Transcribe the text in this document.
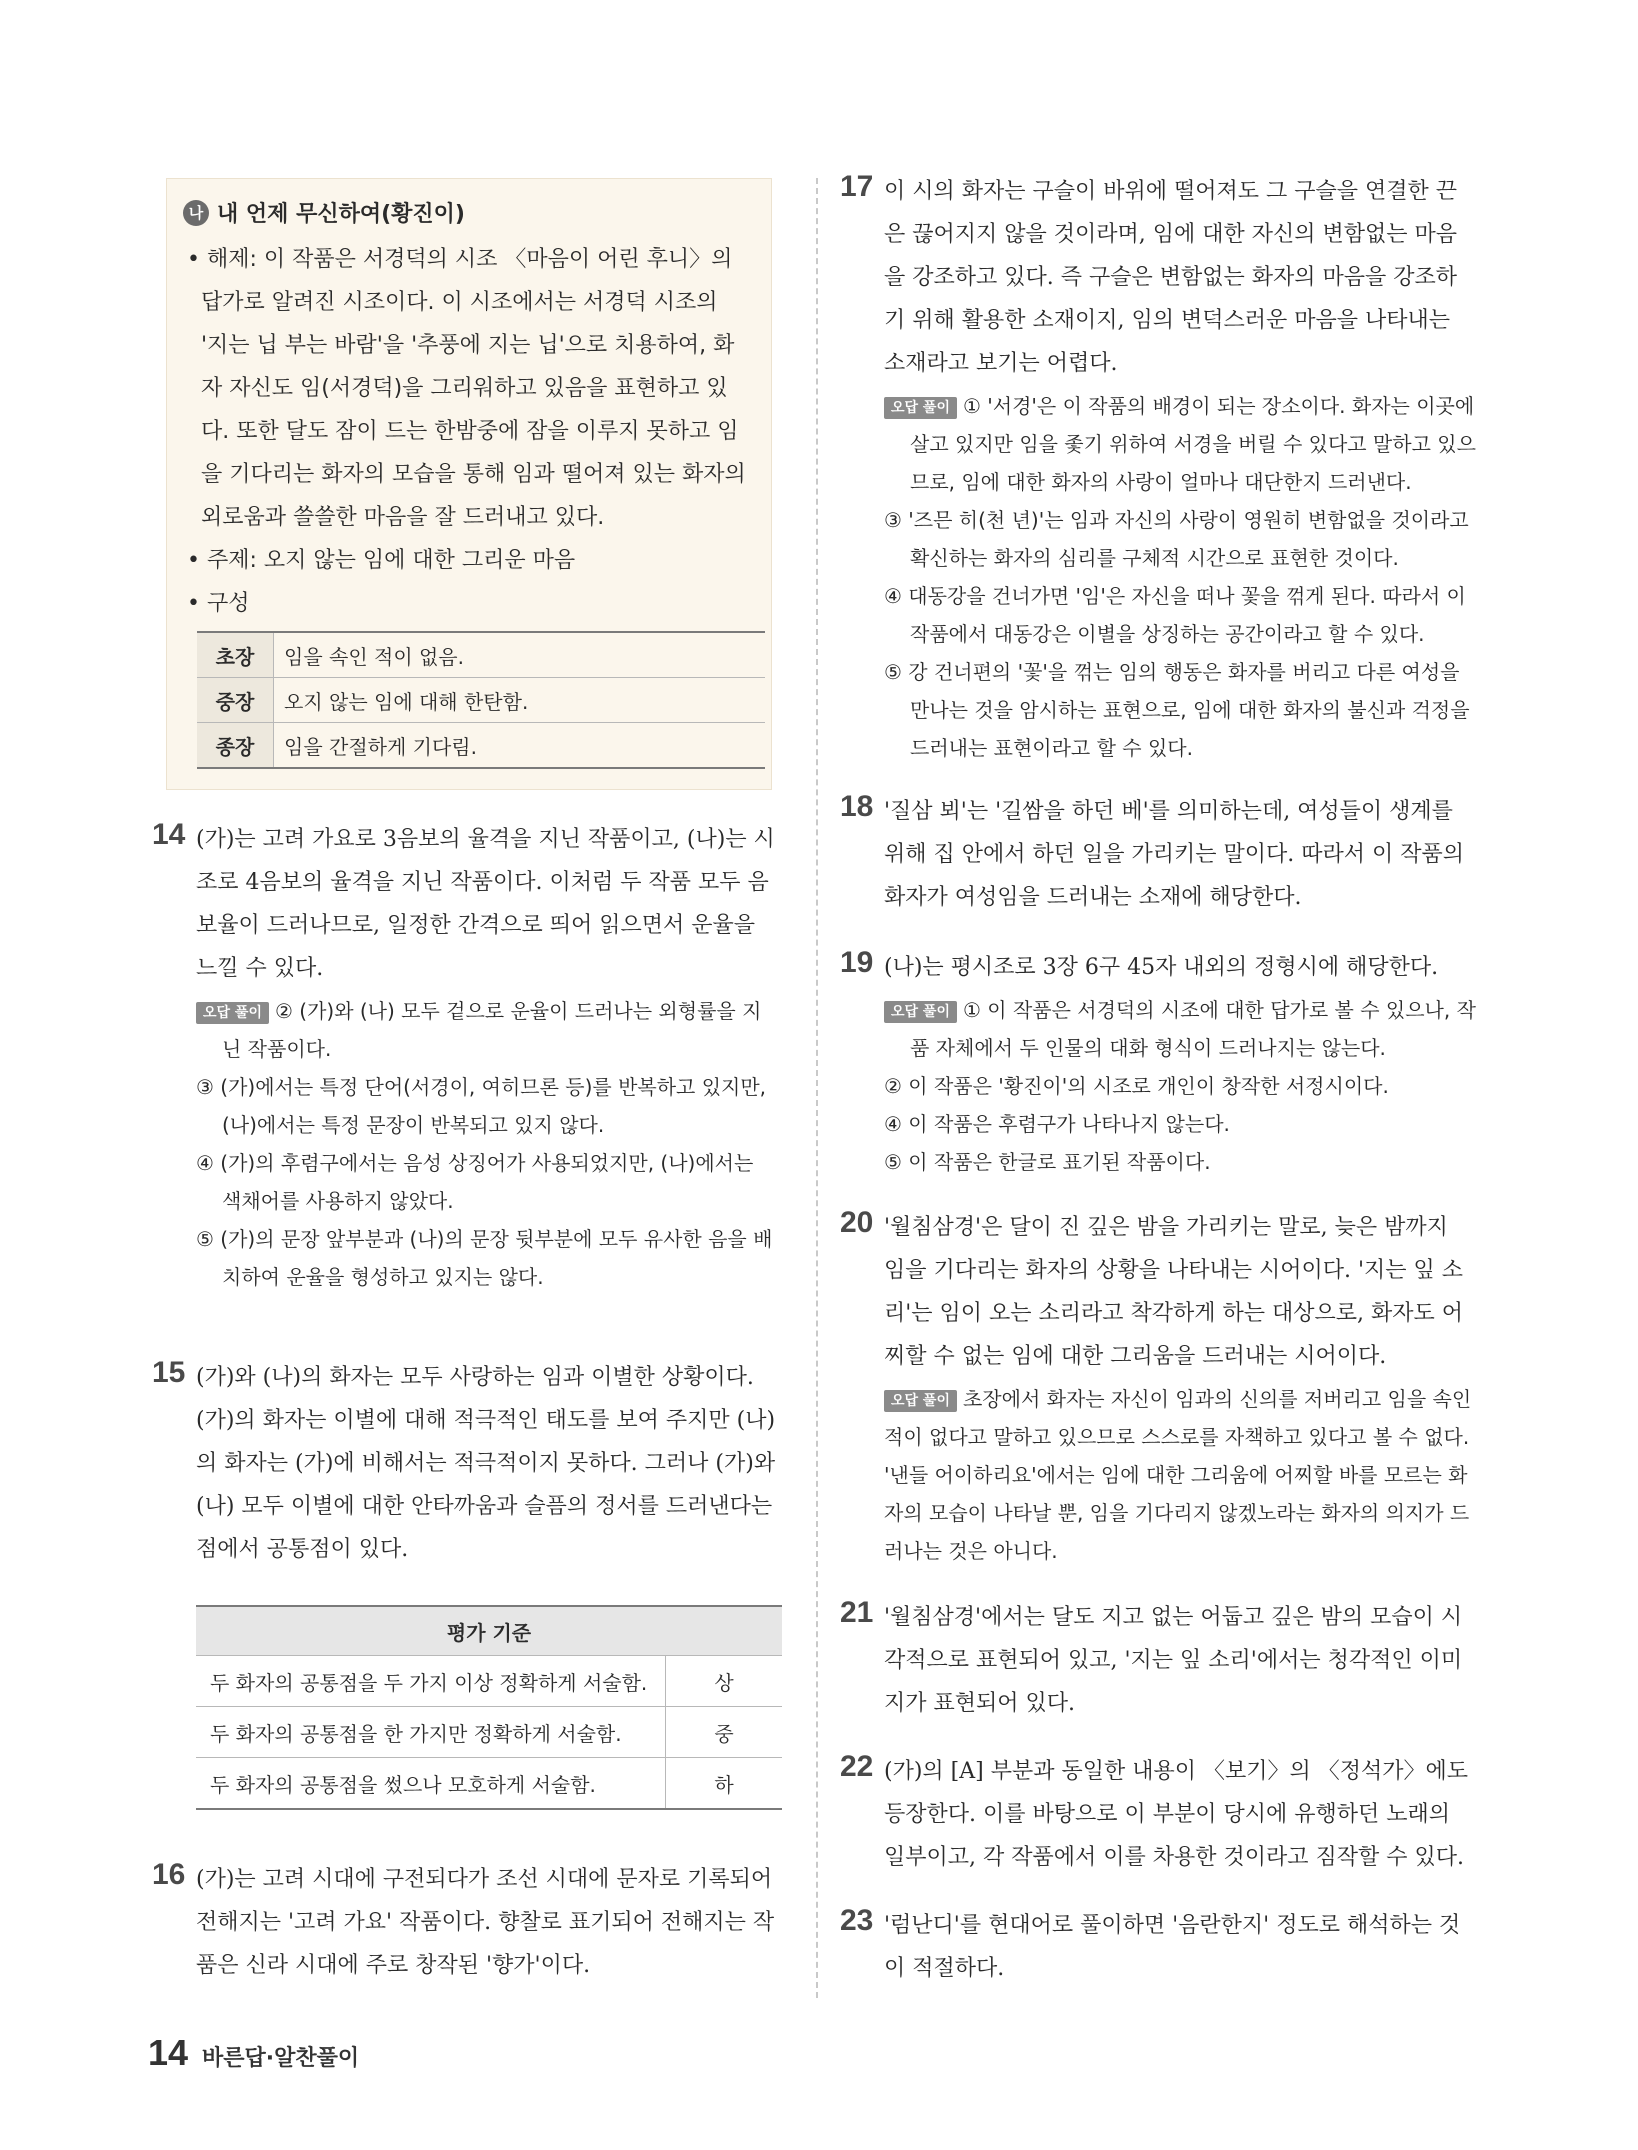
나 내 언제 무신하여(황진이)
• 해제: 이 작품은 서경덕의 시조 〈마음이 어린 후니〉의 답가로 알려진 시조이다. 이 시조에서는 서경덕 시조의 '지는 닙 부는 바람'을 '추풍에 지는 닙'으로 치용하여, 화자 자신도 임(서경덕)을 그리워하고 있음을 표현하고 있다. 또한 달도 잠이 드는 한밤중에 잠을 이루지 못하고 임을 기다리는 화자의 모습을 통해 임과 떨어져 있는 화자의 외로움과 쓸쓸한 마음을 잘 드러내고 있다.
• 주제: 오지 않는 임에 대한 그리운 마음
• 구성
초장	임을 속인 적이 없음.
중장	오지 않는 임에 대해 한탄함.
종장	임을 간절하게 기다림.
14 (가)는 고려 가요로 3음보의 율격을 지닌 작품이고, (나)는 시조로 4음보의 율격을 지닌 작품이다. 이처럼 두 작품 모두 음보율이 드러나므로, 일정한 간격으로 띄어 읽으면서 운율을 느낄 수 있다.
오답 풀이 ② (가)와 (나) 모두 겉으로 운율이 드러나는 외형률을 지닌 작품이다.
③ (가)에서는 특정 단어(서경이, 여히므론 등)를 반복하고 있지만, (나)에서는 특정 문장이 반복되고 있지 않다.
④ (가)의 후렴구에서는 음성 상징어가 사용되었지만, (나)에서는 색채어를 사용하지 않았다.
⑤ (가)의 문장 앞부분과 (나)의 문장 뒷부분에 모두 유사한 음을 배치하여 운율을 형성하고 있지는 않다.
15 (가)와 (나)의 화자는 모두 사랑하는 임과 이별한 상황이다. (가)의 화자는 이별에 대해 적극적인 태도를 보여 주지만 (나)의 화자는 (가)에 비해서는 적극적이지 못하다. 그러나 (가)와 (나) 모두 이별에 대한 안타까움과 슬픔의 정서를 드러낸다는 점에서 공통점이 있다.
평가 기준	
두 화자의 공통점을 두 가지 이상 정확하게 서술함.	상
두 화자의 공통점을 한 가지만 정확하게 서술함.	중
두 화자의 공통점을 썼으나 모호하게 서술함.	하
16 (가)는 고려 시대에 구전되다가 조선 시대에 문자로 기록되어 전해지는 '고려 가요' 작품이다. 향찰로 표기되어 전해지는 작품은 신라 시대에 주로 창작된 '향가'이다.
17 이 시의 화자는 구슬이 바위에 떨어져도 그 구슬을 연결한 끈은 끊어지지 않을 것이라며, 임에 대한 자신의 변함없는 마음을 강조하고 있다. 즉 구슬은 변함없는 화자의 마음을 강조하기 위해 활용한 소재이지, 임의 변덕스러운 마음을 나타내는 소재라고 보기는 어렵다.
오답 풀이 ① '서경'은 이 작품의 배경이 되는 장소이다. 화자는 이곳에 살고 있지만 임을 좇기 위하여 서경을 버릴 수 있다고 말하고 있으므로, 임에 대한 화자의 사랑이 얼마나 대단한지 드러낸다.
③ '즈믄 히(천 년)'는 임과 자신의 사랑이 영원히 변함없을 것이라고 확신하는 화자의 심리를 구체적 시간으로 표현한 것이다.
④ 대동강을 건너가면 '임'은 자신을 떠나 꽃을 꺾게 된다. 따라서 이 작품에서 대동강은 이별을 상징하는 공간이라고 할 수 있다.
⑤ 강 건너편의 '꽃'을 꺾는 임의 행동은 화자를 버리고 다른 여성을 만나는 것을 암시하는 표현으로, 임에 대한 화자의 불신과 걱정을 드러내는 표현이라고 할 수 있다.
18 '질삼 뵈'는 '길쌈을 하던 베'를 의미하는데, 여성들이 생계를 위해 집 안에서 하던 일을 가리키는 말이다. 따라서 이 작품의 화자가 여성임을 드러내는 소재에 해당한다.
19 (나)는 평시조로 3장 6구 45자 내외의 정형시에 해당한다.
오답 풀이 ① 이 작품은 서경덕의 시조에 대한 답가로 볼 수 있으나, 작품 자체에서 두 인물의 대화 형식이 드러나지는 않는다.
② 이 작품은 '황진이'의 시조로 개인이 창작한 서정시이다.
④ 이 작품은 후렴구가 나타나지 않는다.
⑤ 이 작품은 한글로 표기된 작품이다.
20 '월침삼경'은 달이 진 깊은 밤을 가리키는 말로, 늦은 밤까지 임을 기다리는 화자의 상황을 나타내는 시어이다. '지는 잎 소리'는 임이 오는 소리라고 착각하게 하는 대상으로, 화자도 어찌할 수 없는 임에 대한 그리움을 드러내는 시어이다.
오답 풀이 초장에서 화자는 자신이 임과의 신의를 저버리고 임을 속인 적이 없다고 말하고 있으므로 스스로를 자책하고 있다고 볼 수 없다. '낸들 어이하리요'에서는 임에 대한 그리움에 어찌할 바를 모르는 화자의 모습이 나타날 뿐, 임을 기다리지 않겠노라는 화자의 의지가 드러나는 것은 아니다.
21 '월침삼경'에서는 달도 지고 없는 어둡고 깊은 밤의 모습이 시각적으로 표현되어 있고, '지는 잎 소리'에서는 청각적인 이미지가 표현되어 있다.
22 (가)의 [A] 부분과 동일한 내용이 〈보기〉의 〈정석가〉에도 등장한다. 이를 바탕으로 이 부분이 당시에 유행하던 노래의 일부이고, 각 작품에서 이를 차용한 것이라고 짐작할 수 있다.
23 '럼난디'를 현대어로 풀이하면 '음란한지' 정도로 해석하는 것이 적절하다.
14 바른답·알찬풀이
